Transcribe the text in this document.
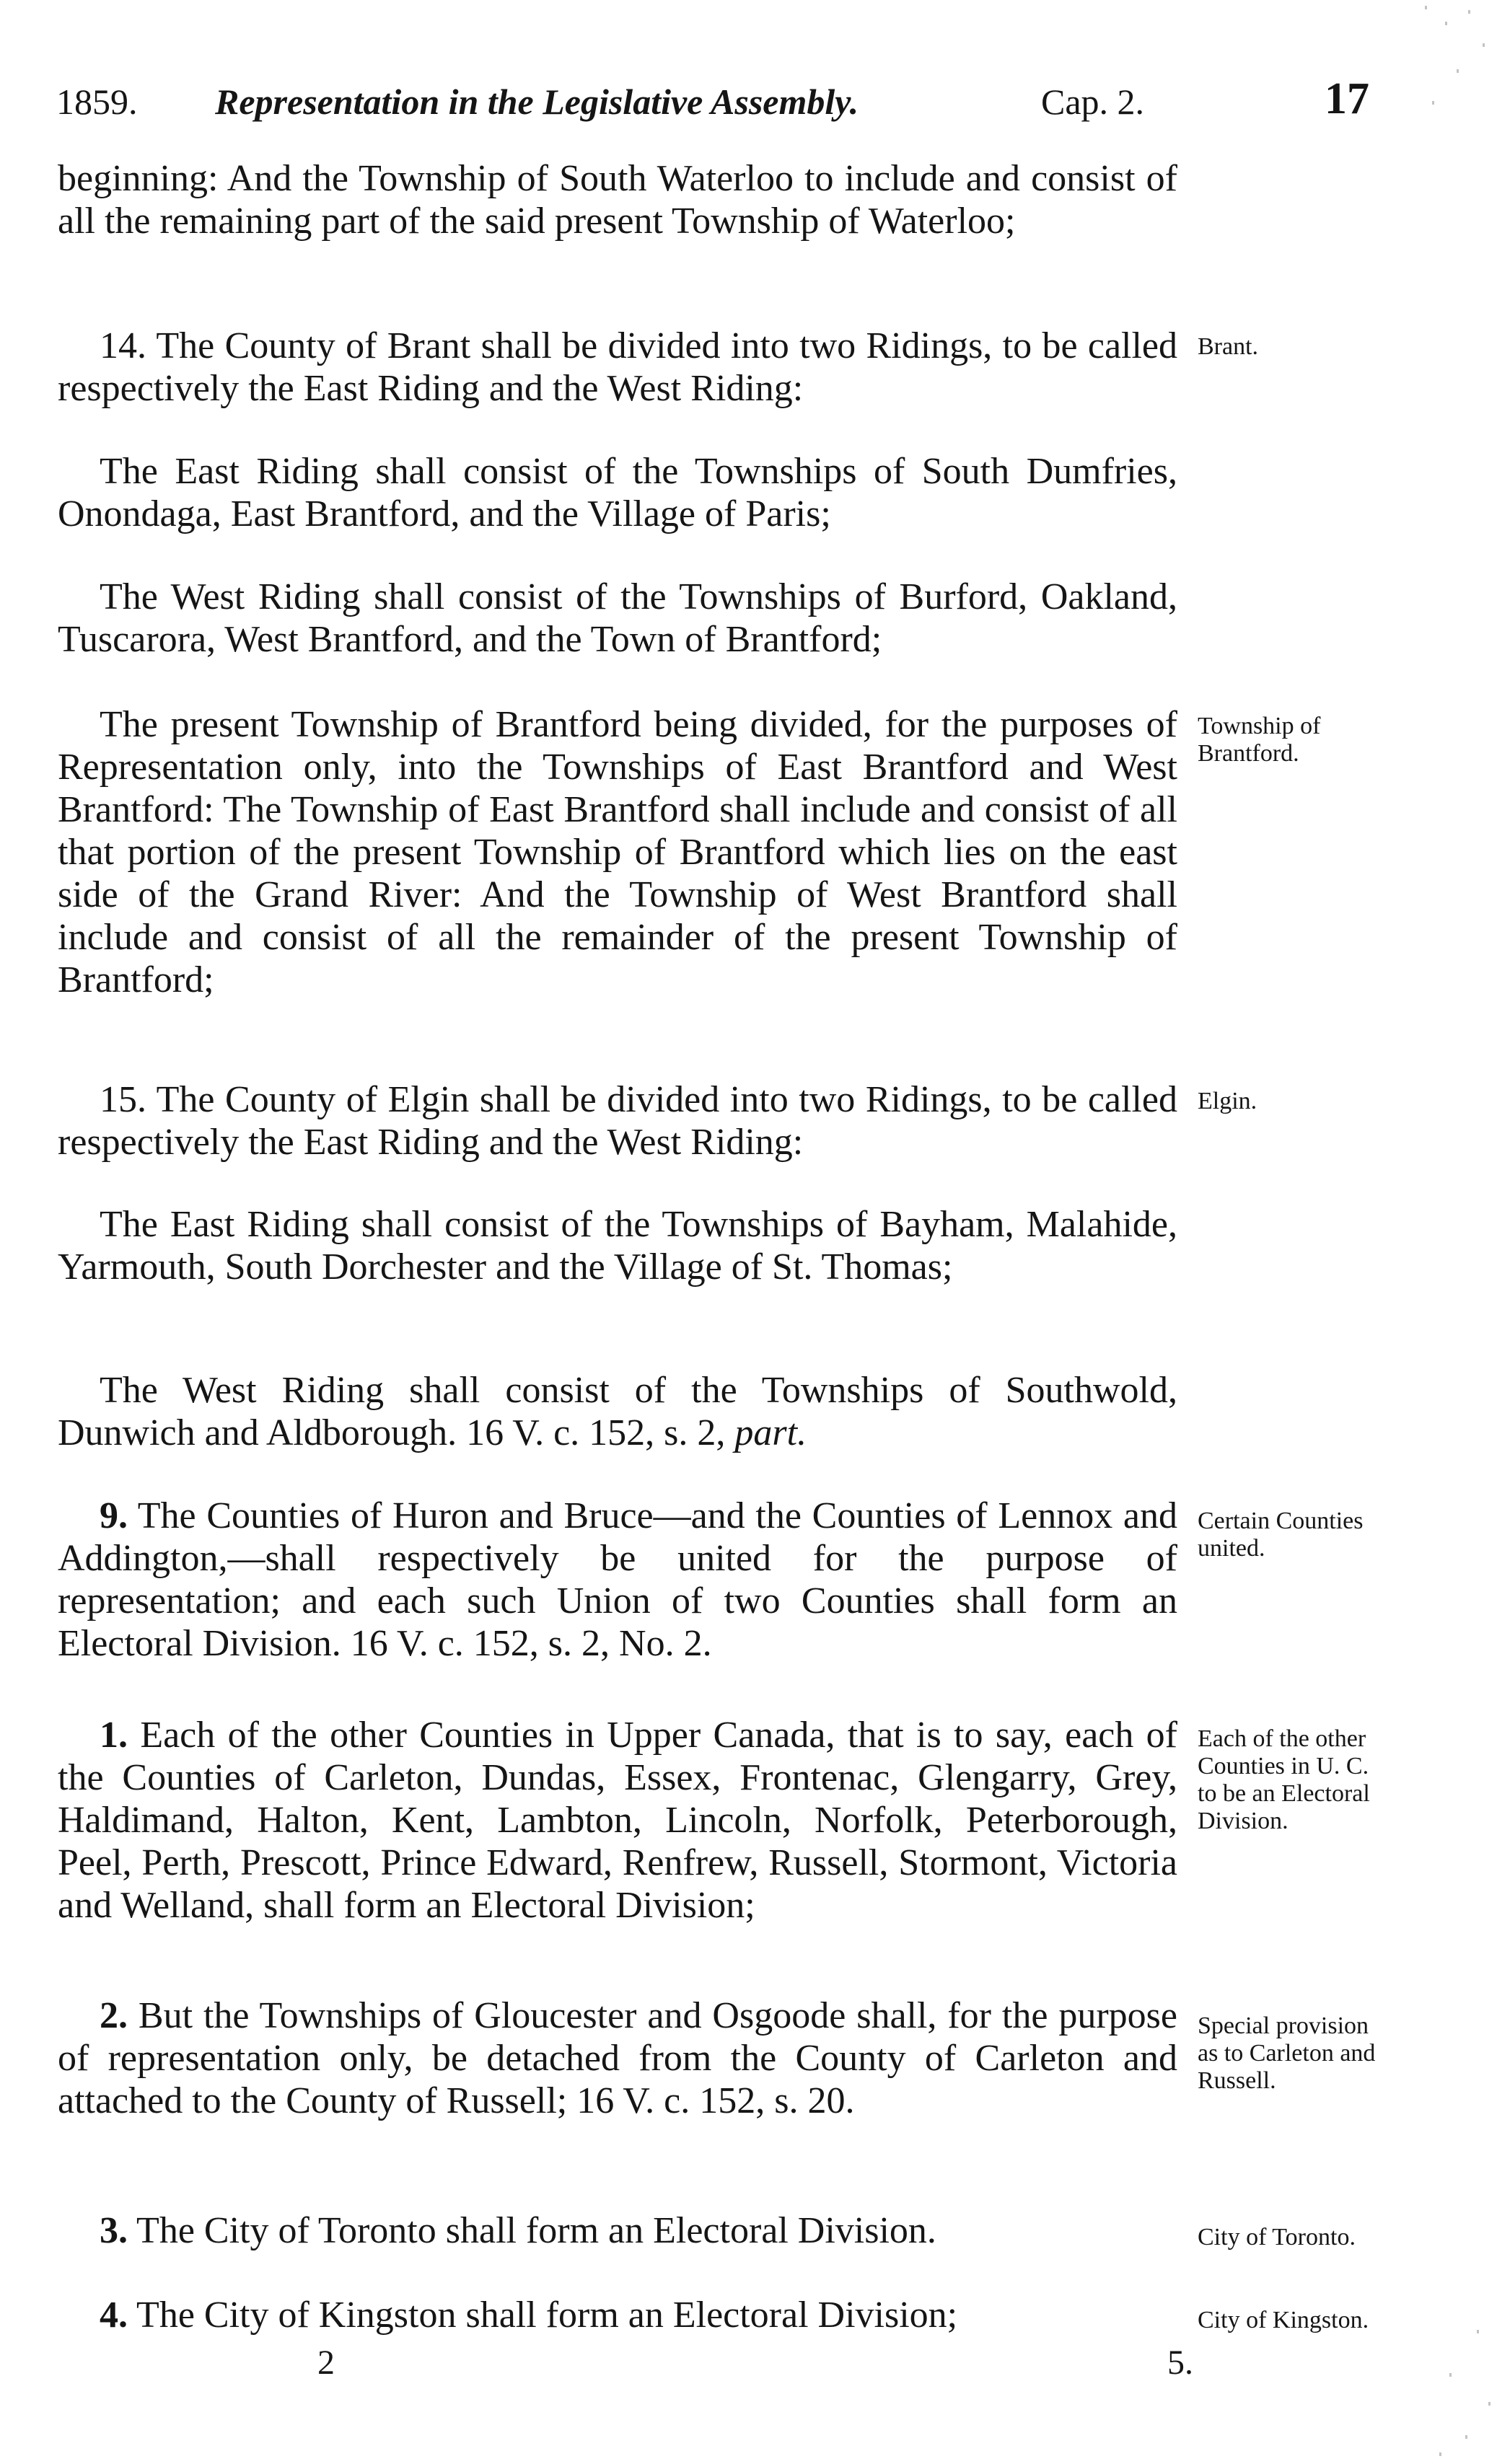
1859. Representation in the Legislative Assembly.	Cap. 2.	17

beginning: And the Township of South Waterloo to include and consist of all the remaining part of the said present Township of Waterloo;

14. The County of Brant shall be divided into two Ridings, to be called respectively the East Riding and the West Riding:

The East Riding shall consist of the Townships of South Dumfries, Onondaga, East Brantford, and the Village of Paris;

The West Riding shall consist of the Townships of Burford, Oakland, Tuscarora, West Brantford, and the Town of Brantford;

The present Township of Brantford being divided, for the purposes of Representation only, into the Townships of East Brantford and West Brantford: The Township of East Brantford shall include and consist of all that portion of the present Township of Brantford which lies on the east side of the Grand River: And the Township of West Brantford shall include and consist of all the remainder of the present Township of Brantford;

15. The County of Elgin shall be divided into two Ridings, to be called respectively the East Riding and the West Riding:

The East Riding shall consist of the Townships of Bayham, Malahide, Yarmouth, South Dorchester and the Village of St. Thomas;

The West Riding shall consist of the Townships of Southwold, Dunwich and Aldborough. 16 V. c. 152, s. 2, part.

9. The Counties of Huron and Bruce—and the Counties of Lennox and Addington,—shall respectively be united for the purpose of representation; and each such Union of two Counties shall form an Electoral Division. 16 V. c. 152, s. 2, No. 2.

1. Each of the other Counties in Upper Canada, that is to say, each of the Counties of Carleton, Dundas, Essex, Frontenac, Glengarry, Grey, Haldimand, Halton, Kent, Lambton, Lincoln, Norfolk, Peterborough, Peel, Perth, Prescott, Prince Edward, Renfrew, Russell, Stormont, Victoria and Welland, shall form an Electoral Division;

2. But the Townships of Gloucester and Osgoode shall, for the purpose of representation only, be detached from the County of Carleton and attached to the County of Russell; 16 V. c. 152, s. 20.

3. The City of Toronto shall form an Electoral Division.

4. The City of Kingston shall form an Electoral Division;

Brant.
Township of Brantford.
Elgin.
Certain Counties united.
Each of the other Counties in U. C. to be an Electoral Division.
Special provision as to Carleton and Russell.
City of Toronto.
City of Kingston.
2	5.
